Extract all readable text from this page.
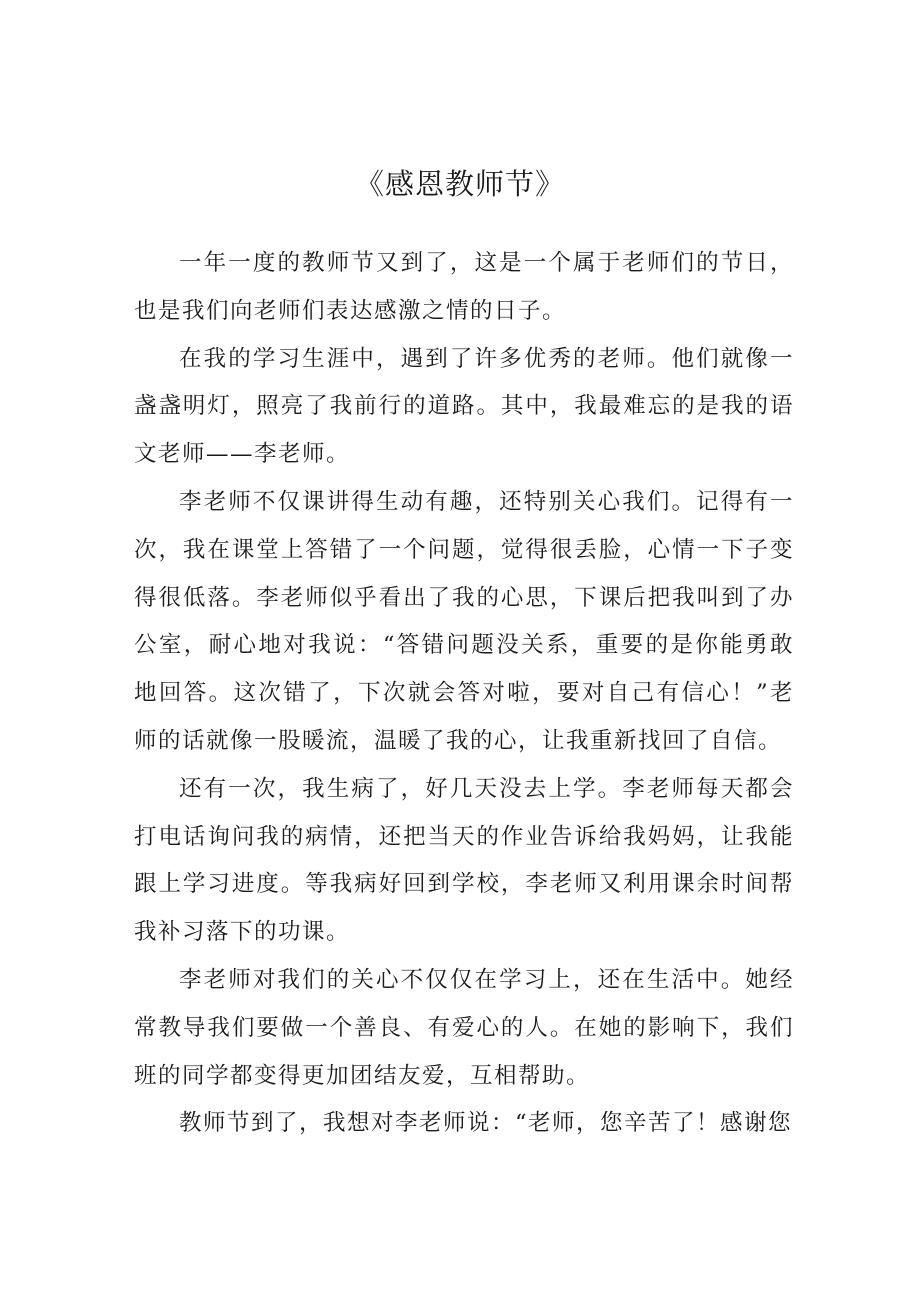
《感恩教师节》

一年一度的教师节又到了，这是一个属于老师们的节日，也是我们向老师们表达感激之情的日子。

在我的学习生涯中，遇到了许多优秀的老师。他们就像一盏盏明灯，照亮了我前行的道路。其中，我最难忘的是我的语文老师——李老师。

李老师不仅课讲得生动有趣，还特别关心我们。记得有一次，我在课堂上答错了一个问题，觉得很丢脸，心情一下子变得很低落。李老师似乎看出了我的心思，下课后把我叫到了办公室，耐心地对我说：“答错问题没关系，重要的是你能勇敢地回答。这次错了，下次就会答对啦，要对自己有信心！”老师的话就像一股暖流，温暖了我的心，让我重新找回了自信。

还有一次，我生病了，好几天没去上学。李老师每天都会打电话询问我的病情，还把当天的作业告诉给我妈妈，让我能跟上学习进度。等我病好回到学校，李老师又利用课余时间帮我补习落下的功课。

李老师对我们的关心不仅仅在学习上，还在生活中。她经常教导我们要做一个善良、有爱心的人。在她的影响下，我们班的同学都变得更加团结友爱，互相帮助。

教师节到了，我想对李老师说：“老师，您辛苦了！感谢您
